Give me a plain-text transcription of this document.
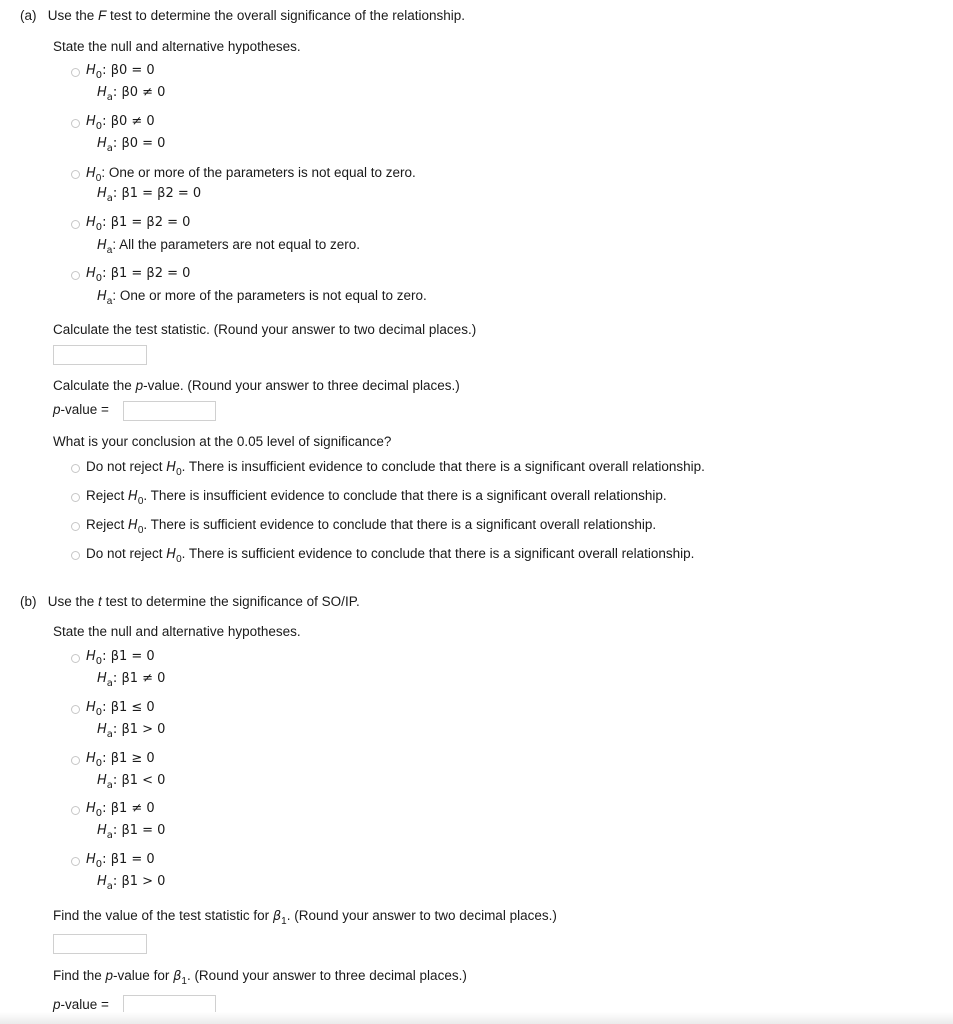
(a) Use the F test to determine the overall significance of the relationship.
State the null and alternative hypotheses.
$H_0$: β0 = 0
$H_a$: β0 ≠ 0
$H_0$: β0 ≠ 0
$H_a$: β0 = 0
$H_0$: One or more of the parameters is not equal to zero.
$H_a$: β1 = β2 = 0
$H_0$: β1 = β2 = 0
$H_a$: All the parameters are not equal to zero.
$H_0$: β1 = β2 = 0
$H_a$: One or more of the parameters is not equal to zero.
Calculate the test statistic. (Round your answer to two decimal places.)
Calculate the p-value. (Round your answer to three decimal places.)
p-value =
What is your conclusion at the 0.05 level of significance?
Do not reject $H_0$. There is insufficient evidence to conclude that there is a significant overall relationship.
Reject $H_0$. There is insufficient evidence to conclude that there is a significant overall relationship.
Reject $H_0$. There is sufficient evidence to conclude that there is a significant overall relationship.
Do not reject $H_0$. There is sufficient evidence to conclude that there is a significant overall relationship.
(b) Use the t test to determine the significance of SO/IP.
State the null and alternative hypotheses.
$H_0$: β1 = 0
$H_a$: β1 ≠ 0
$H_0$: β1 ≤ 0
$H_a$: β1 > 0
$H_0$: β1 ≥ 0
$H_a$: β1 < 0
$H_0$: β1 ≠ 0
$H_a$: β1 = 0
$H_0$: β1 = 0
$H_a$: β1 > 0
Find the value of the test statistic for $\beta_1$. (Round your answer to two decimal places.)
Find the p-value for $\beta_1$. (Round your answer to three decimal places.)
p-value =
